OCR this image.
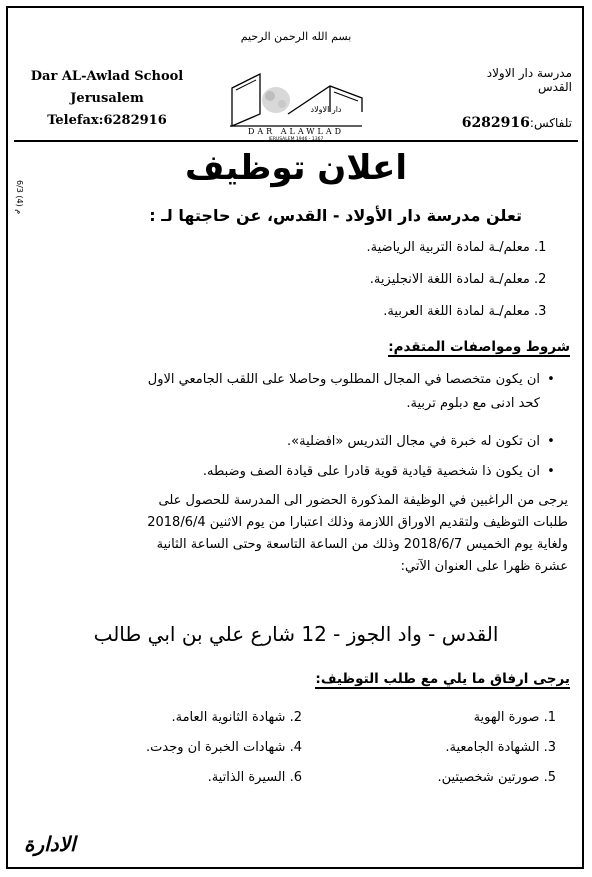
بسم الله الرحمن الرحيم
Dar AL-Awlad School
Jerusalem
Telefax:6282916
مدرسة دار الاولاد
القدس
تلفاكس:6282916
دار الاولاد
DAR ALAWLAD
JERUSALEM 1946 - 1367
اعلان توظيف
م (4) 6/3	تعلن مدرسة دار الأولاد - القدس، عن حاجتها لـ :
1. معلم/ـة لمادة التربية الرياضية.
2. معلم/ـة لمادة اللغة الانجليزية.
3. معلم/ـة لمادة اللغة العربية.
شروط ومواصفات المتقدم:
•ان يكون متخصصا في المجال المطلوب وحاصلا على اللقب الجامعي الاول
كحد ادنى مع دبلوم تربية.
•ان تكون له خبرة في مجال التدريس «افضلية».
•ان يكون ذا شخصية قيادية قوية قادرا على قيادة الصف وضبطه.
يرجى من الراغبين في الوظيفة المذكورة الحضور الى المدرسة للحصول على
طلبات التوظيف ولتقديم الاوراق اللازمة وذلك اعتبارا من يوم الاثنين 2018/6/4
ولغاية يوم الخميس 2018/6/7 وذلك من الساعة التاسعة وحتى الساعة الثانية
عشرة ظهرا على العنوان الآتي:
القدس - واد الجوز - 12 شارع علي بن ابي طالب
يرجى ارفاق ما يلي مع طلب التوظيف:
1. صورة الهوية
2. شهادة الثانوية العامة.
3. الشهادة الجامعية.
4. شهادات الخبرة ان وجدت.
5. صورتين شخصيتين.
6. السيرة الذاتية.
الادارة
